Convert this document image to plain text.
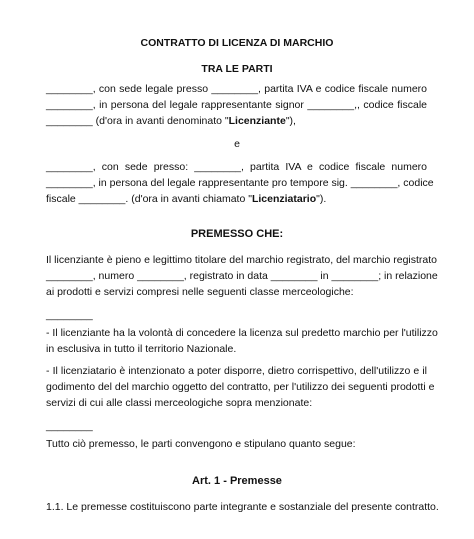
CONTRATTO DI LICENZA DI MARCHIO
TRA LE PARTI
________, con sede legale presso ________, partita IVA e codice fiscale numero
________, in persona del legale rappresentante signor ________,, codice fiscale
________ (d'ora in avanti denominato "Licenziante"),
e
________, con sede presso: ________, partita IVA e codice fiscale numero
________, in persona del legale rappresentante pro tempore sig. ________, codice
fiscale ________. (d'ora in avanti chiamato "Licenziatario").
PREMESSO CHE:
Il licenziante è pieno e legittimo titolare del marchio registrato, del marchio registrato
________, numero ________, registrato in data ________ in ________; in relazione
ai prodotti e servizi compresi nelle seguenti classe merceologiche:
________
- Il licenziante ha la volontà di concedere la licenza sul predetto marchio per l'utilizzo
in esclusiva in tutto il territorio Nazionale.
- Il licenziatario è intenzionato a poter disporre, dietro corrispettivo, dell'utilizzo e il
godimento del del marchio oggetto del contratto, per l'utilizzo dei seguenti prodotti e
servizi di cui alle classi merceologiche sopra menzionate:
________
Tutto ciò premesso, le parti convengono e stipulano quanto segue:
Art. 1 - Premesse
1.1. Le premesse costituiscono parte integrante e sostanziale del presente contratto.
